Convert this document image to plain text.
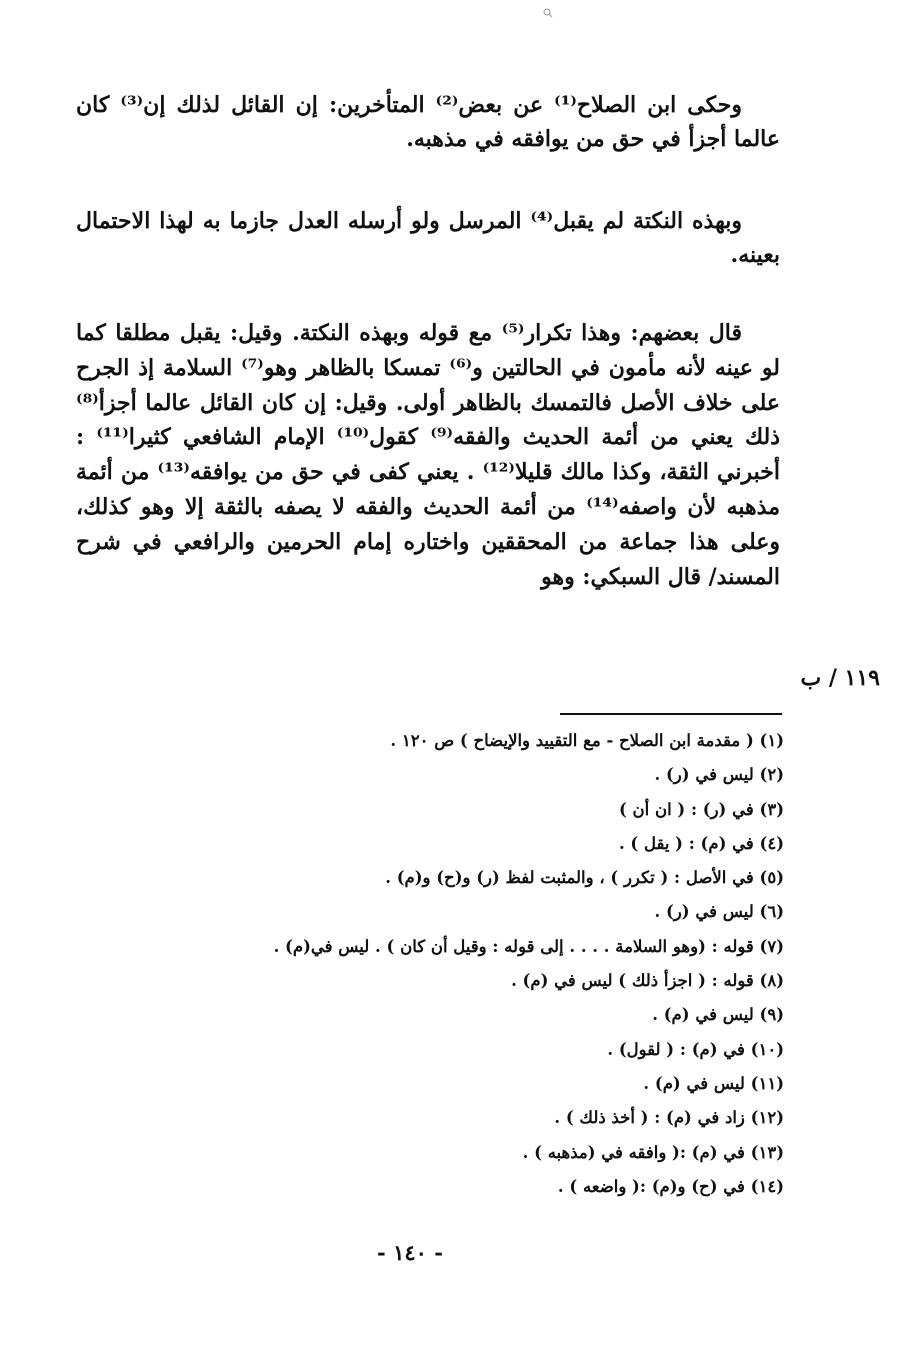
وحكى ابن الصلاح⁽¹⁾ عن بعض⁽²⁾ المتأخرين: إن القائل لذلك إن⁽³⁾ كان عالما أجزأ في حق من يوافقه في مذهبه.

وبهذه النكتة لم يقبل⁽⁴⁾ المرسل ولو أرسله العدل جازما به لهذا الاحتمال بعينه.

قال بعضهم: وهذا تكرار⁽⁵⁾ مع قوله وبهذه النكتة. وقيل: يقبل مطلقا كما لو عينه لأنه مأمون في الحالتين و⁽⁶⁾ تمسكا بالظاهر وهو⁽⁷⁾ السلامة إذ الجرح على خلاف الأصل فالتمسك بالظاهر أولى. وقيل: إن كان القائل عالما أجزأ⁽⁸⁾ ذلك يعني من أئمة الحديث والفقه⁽⁹⁾ كقول⁽¹⁰⁾ الإمام الشافعي كثيرا⁽¹¹⁾ : أخبرني الثقة، وكذا مالك قليلا⁽¹²⁾ . يعني كفى في حق من يوافقه⁽¹³⁾ من أئمة مذهبه لأن واصفه⁽¹⁴⁾ من أئمة الحديث والفقه لا يصفه بالثقة إلا وهو كذلك، وعلى هذا جماعة من المحققين واختاره إمام الحرمين والرافعي في شرح المسند/ قال السبكي: وهو

١١٩ / ب
(١) ( مقدمة ابن الصلاح - مع التقييد والإيضاح ) ص ١٢٠ .
(٢) ليس في (ر) .
(٣) في (ر) : ( ان أن )
(٤) في (م) : ( يقل ) .
(٥) في الأصل : ( تكرر ) ، والمثبت لفظ (ر) و(ح) و(م) .
(٦) ليس في (ر) .
(٧) قوله : (وهو السلامة . . . . إلى قوله : وقيل أن كان ) . ليس في(م) .
(٨) قوله : ( اجزأ ذلك ) ليس في (م) .
(٩) ليس في (م) .
(١٠) في (م) : ( لقول) .
(١١) ليس في (م) .
(١٢) زاد في (م) : ( أخذ ذلك ) .
(١٣) في (م) :( وافقه في (مذهبه ) .
(١٤) في (ح) و(م) :( واضعه ) .
- ١٤٠ -
